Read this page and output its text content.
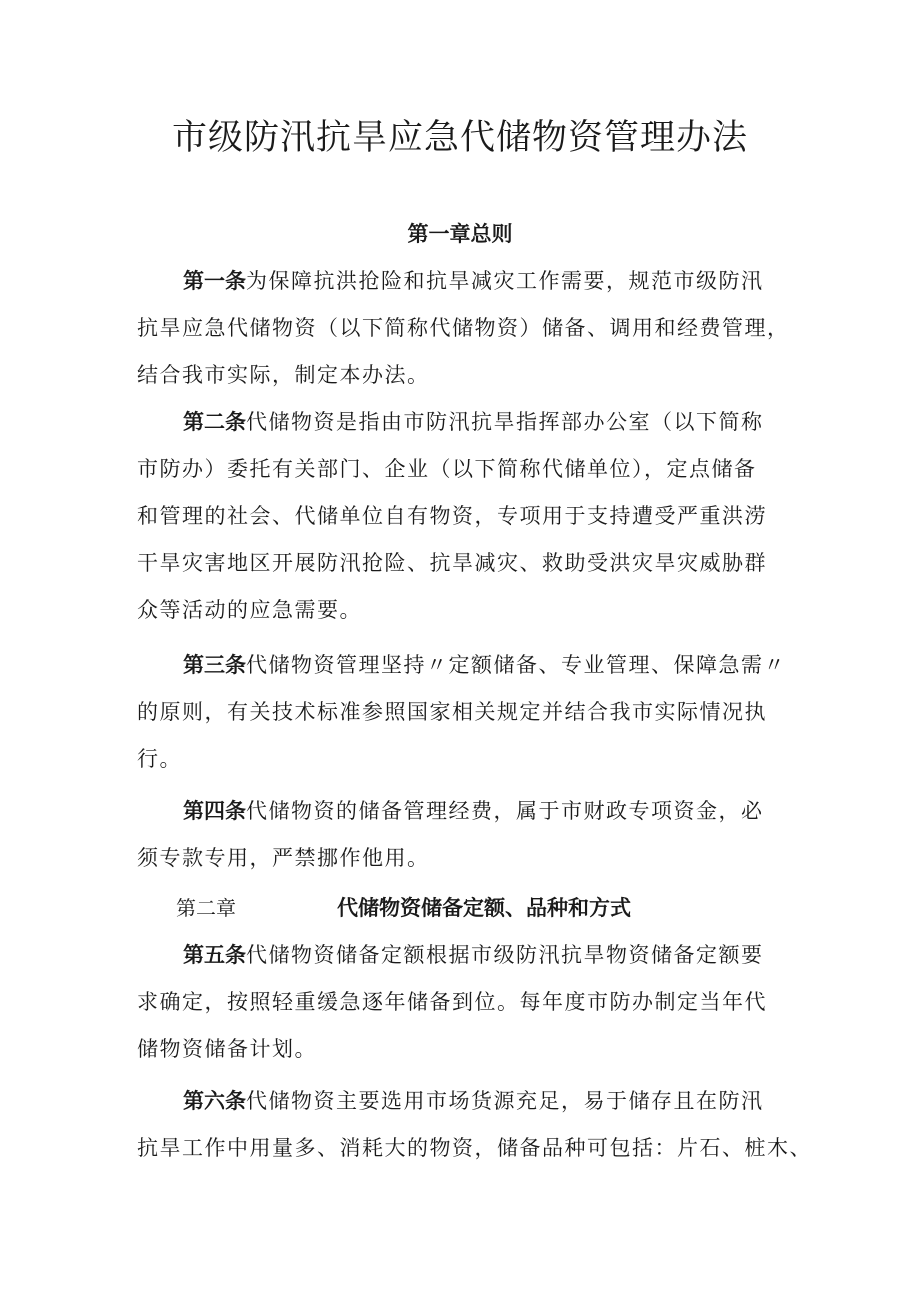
市级防汛抗旱应急代储物资管理办法
第一章总则
第一条为保障抗洪抢险和抗旱减灾工作需要，规范市级防汛
抗旱应急代储物资（以下简称代储物资）储备、调用和经费管理，
结合我市实际，制定本办法。
第二条代储物资是指由市防汛抗旱指挥部办公室（以下简称
市防办）委托有关部门、企业（以下简称代储单位），定点储备
和管理的社会、代储单位自有物资，专项用于支持遭受严重洪涝
干旱灾害地区开展防汛抢险、抗旱减灾、救助受洪灾旱灾威胁群
众等活动的应急需要。
第三条代储物资管理坚持〃定额储备、专业管理、保障急需〃
的原则，有关技术标准参照国家相关规定并结合我市实际情况执
行。
第四条代储物资的储备管理经费，属于市财政专项资金，必
须专款专用，严禁挪作他用。
第二章	代储物资储备定额、品种和方式
第五条代储物资储备定额根据市级防汛抗旱物资储备定额要
求确定，按照轻重缓急逐年储备到位。每年度市防办制定当年代
储物资储备计划。
第六条代储物资主要选用市场货源充足，易于储存且在防汛
抗旱工作中用量多、消耗大的物资，储备品种可包括：片石、桩木、
